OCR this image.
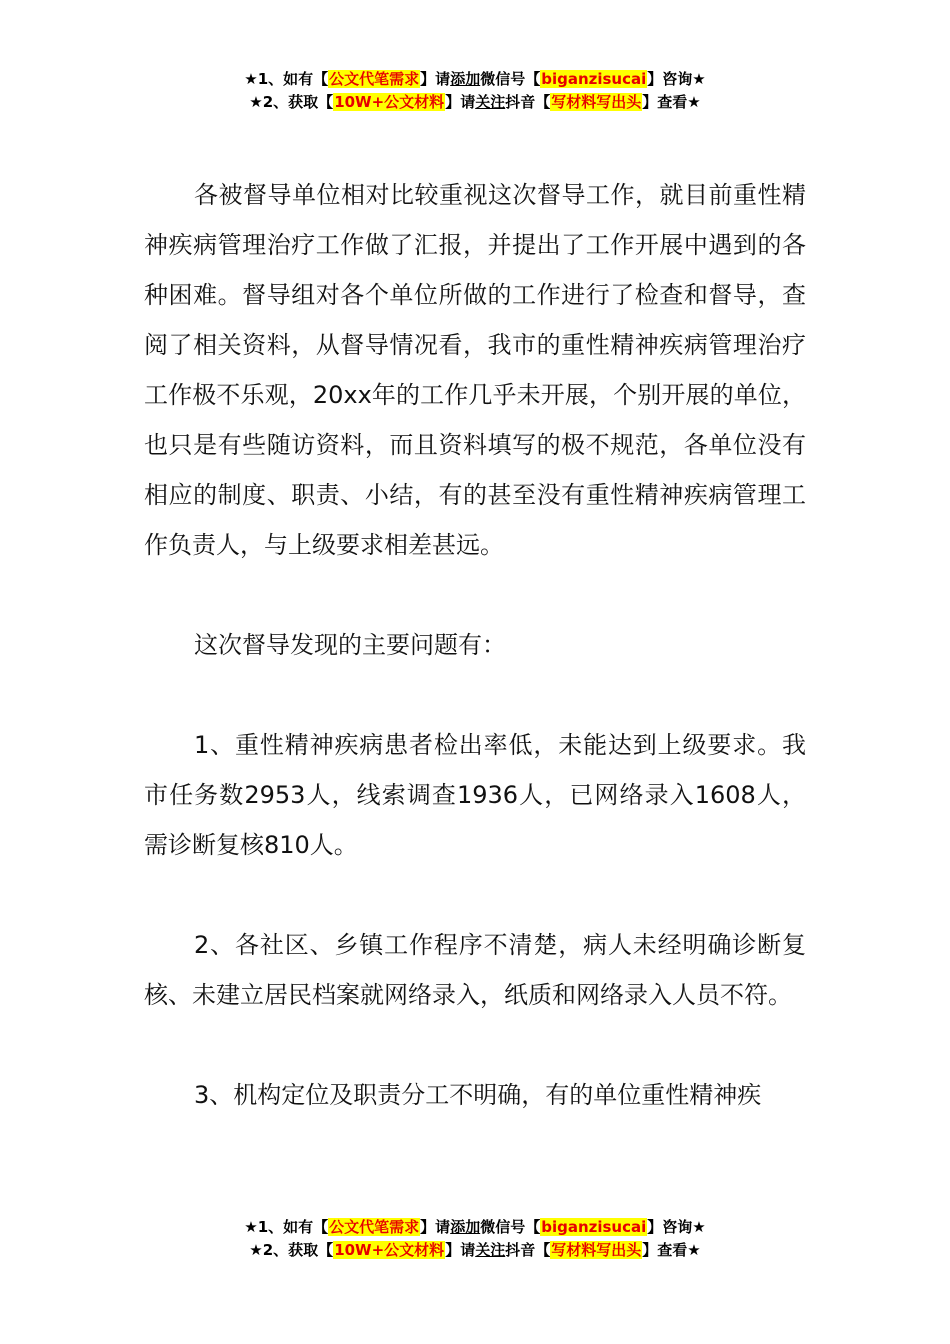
★1、如有【公文代笔需求】请添加微信号【biganzisucai】咨询★
★2、获取【10W+公文材料】请关注抖音【写材料写出头】查看★

各被督导单位相对比较重视这次督导工作，就目前重性精神疾病管理治疗工作做了汇报，并提出了工作开展中遇到的各种困难。督导组对各个单位所做的工作进行了检查和督导，查阅了相关资料，从督导情况看，我市的重性精神疾病管理治疗工作极不乐观，20xx年的工作几乎未开展，个别开展的单位，也只是有些随访资料，而且资料填写的极不规范，各单位没有相应的制度、职责、小结，有的甚至没有重性精神疾病管理工作负责人，与上级要求相差甚远。

这次督导发现的主要问题有：

1、重性精神疾病患者检出率低，未能达到上级要求。我市任务数2953人，线索调查1936人，已网络录入1608人，需诊断复核810人。

2、各社区、乡镇工作程序不清楚，病人未经明确诊断复核、未建立居民档案就网络录入，纸质和网络录入人员不符。

3、机构定位及职责分工不明确，有的单位重性精神疾

★1、如有【公文代笔需求】请添加微信号【biganzisucai】咨询★
★2、获取【10W+公文材料】请关注抖音【写材料写出头】查看★
